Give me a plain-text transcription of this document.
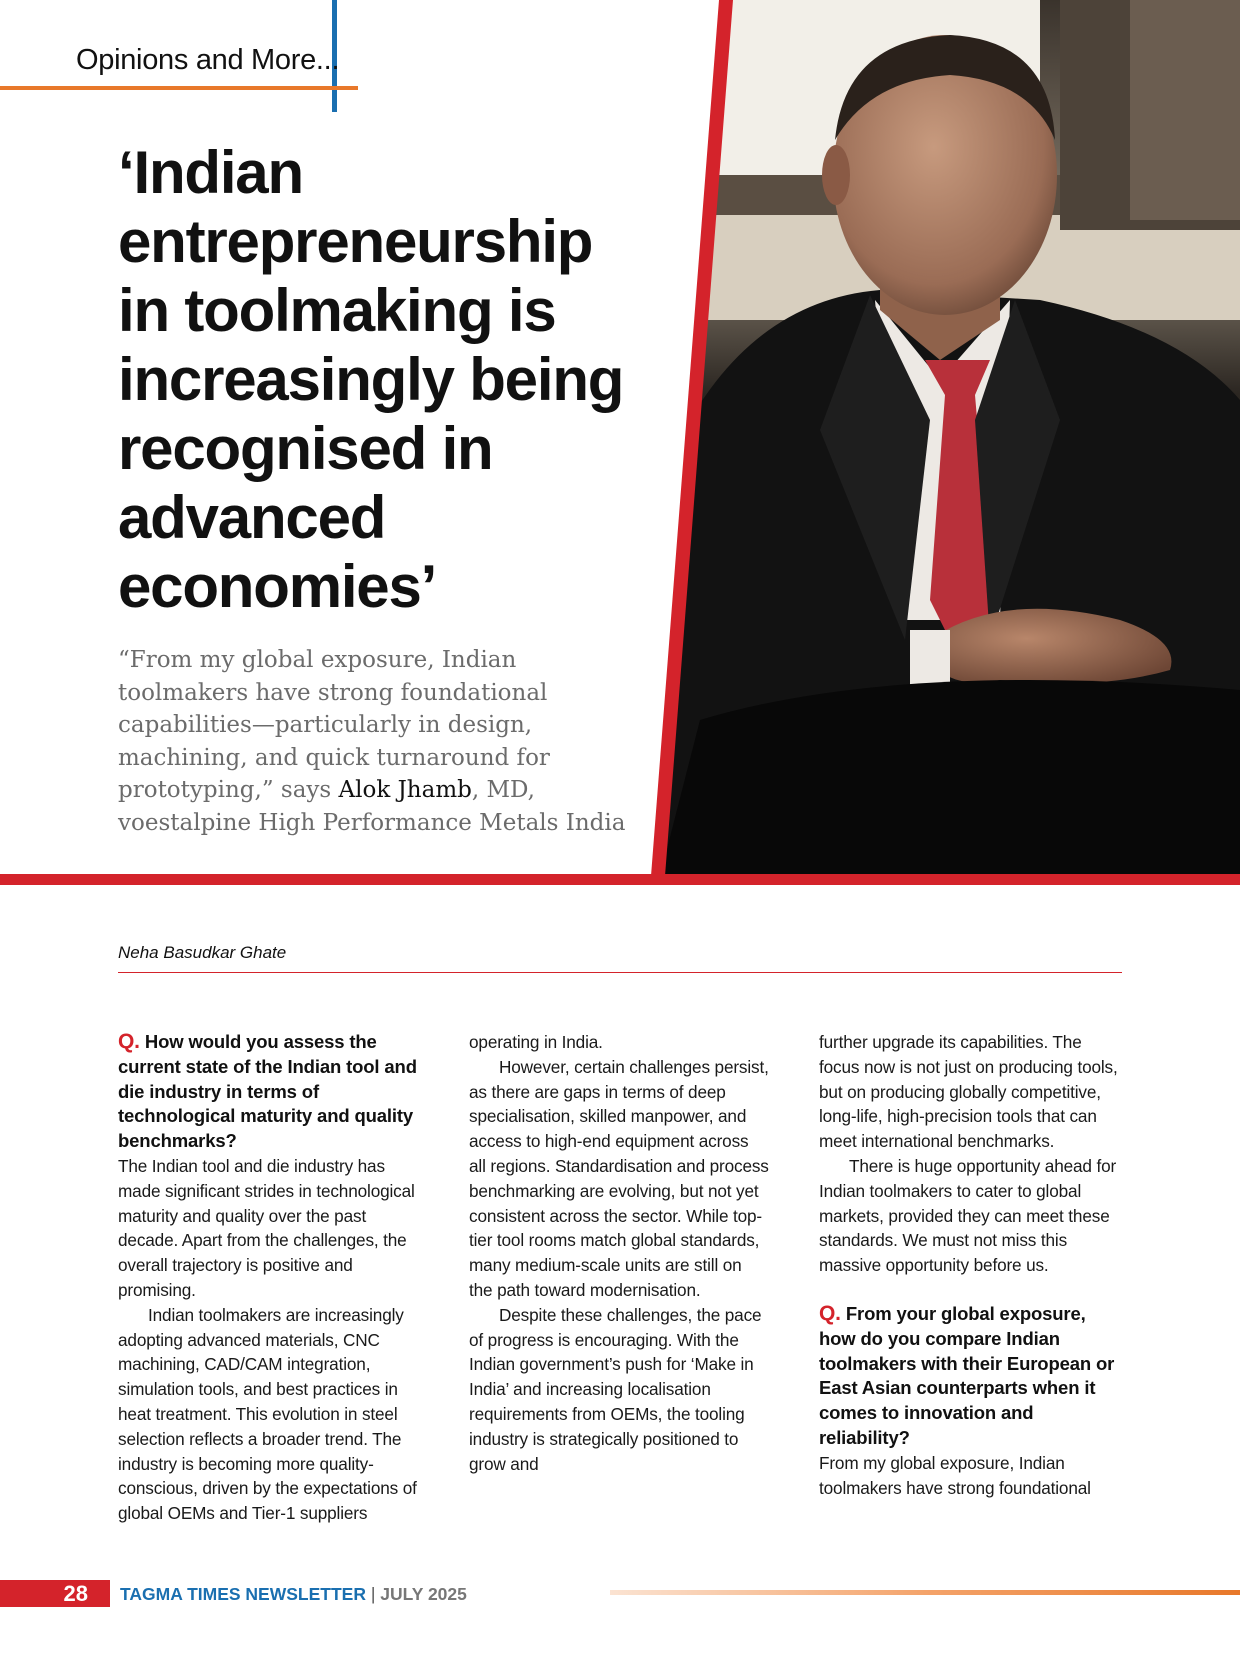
Opinions and More...
‘Indian
entrepreneurship
in toolmaking is
increasingly being
recognised in
advanced
economies’

“From my global exposure, Indian toolmakers have strong foundational capabilities—particularly in design, machining, and quick turnaround for prototyping,” says Alok Jhamb, MD, voestalpine High Performance Metals India

Neha Basudkar Ghate

Q. How would you assess the current state of the Indian tool and die industry in terms of technological maturity and quality benchmarks?

The Indian tool and die industry has made significant strides in technological maturity and quality over the past decade. Apart from the challenges, the overall trajectory is positive and promising.

Indian toolmakers are increasingly adopting advanced materials, CNC machining, CAD/CAM integration, simulation tools, and best practices in heat treatment. This evolution in steel selection reflects a broader trend. The industry is becoming more quality-conscious, driven by the expectations of global OEMs and Tier-1 suppliers

operating in India.

However, certain challenges persist, as there are gaps in terms of deep specialisation, skilled manpower, and access to high-end equipment across all regions. Standardisation and process benchmarking are evolving, but not yet consistent across the sector. While top-tier tool rooms match global standards, many medium-scale units are still on the path toward modernisation.

Despite these challenges, the pace of progress is encouraging. With the Indian government’s push for ‘Make in India’ and increasing localisation requirements from OEMs, the tooling industry is strategically positioned to grow and

further upgrade its capabilities. The focus now is not just on producing tools, but on producing globally competitive, long-life, high-precision tools that can meet international benchmarks.

There is huge opportunity ahead for Indian toolmakers to cater to global markets, provided they can meet these standards. We must not miss this massive opportunity before us.

Q. From your global exposure, how do you compare Indian toolmakers with their European or East Asian counterparts when it comes to innovation and reliability?

From my global exposure, Indian toolmakers have strong foundational

28 TAGMA TIMES NEWSLETTER | JULY 2025
